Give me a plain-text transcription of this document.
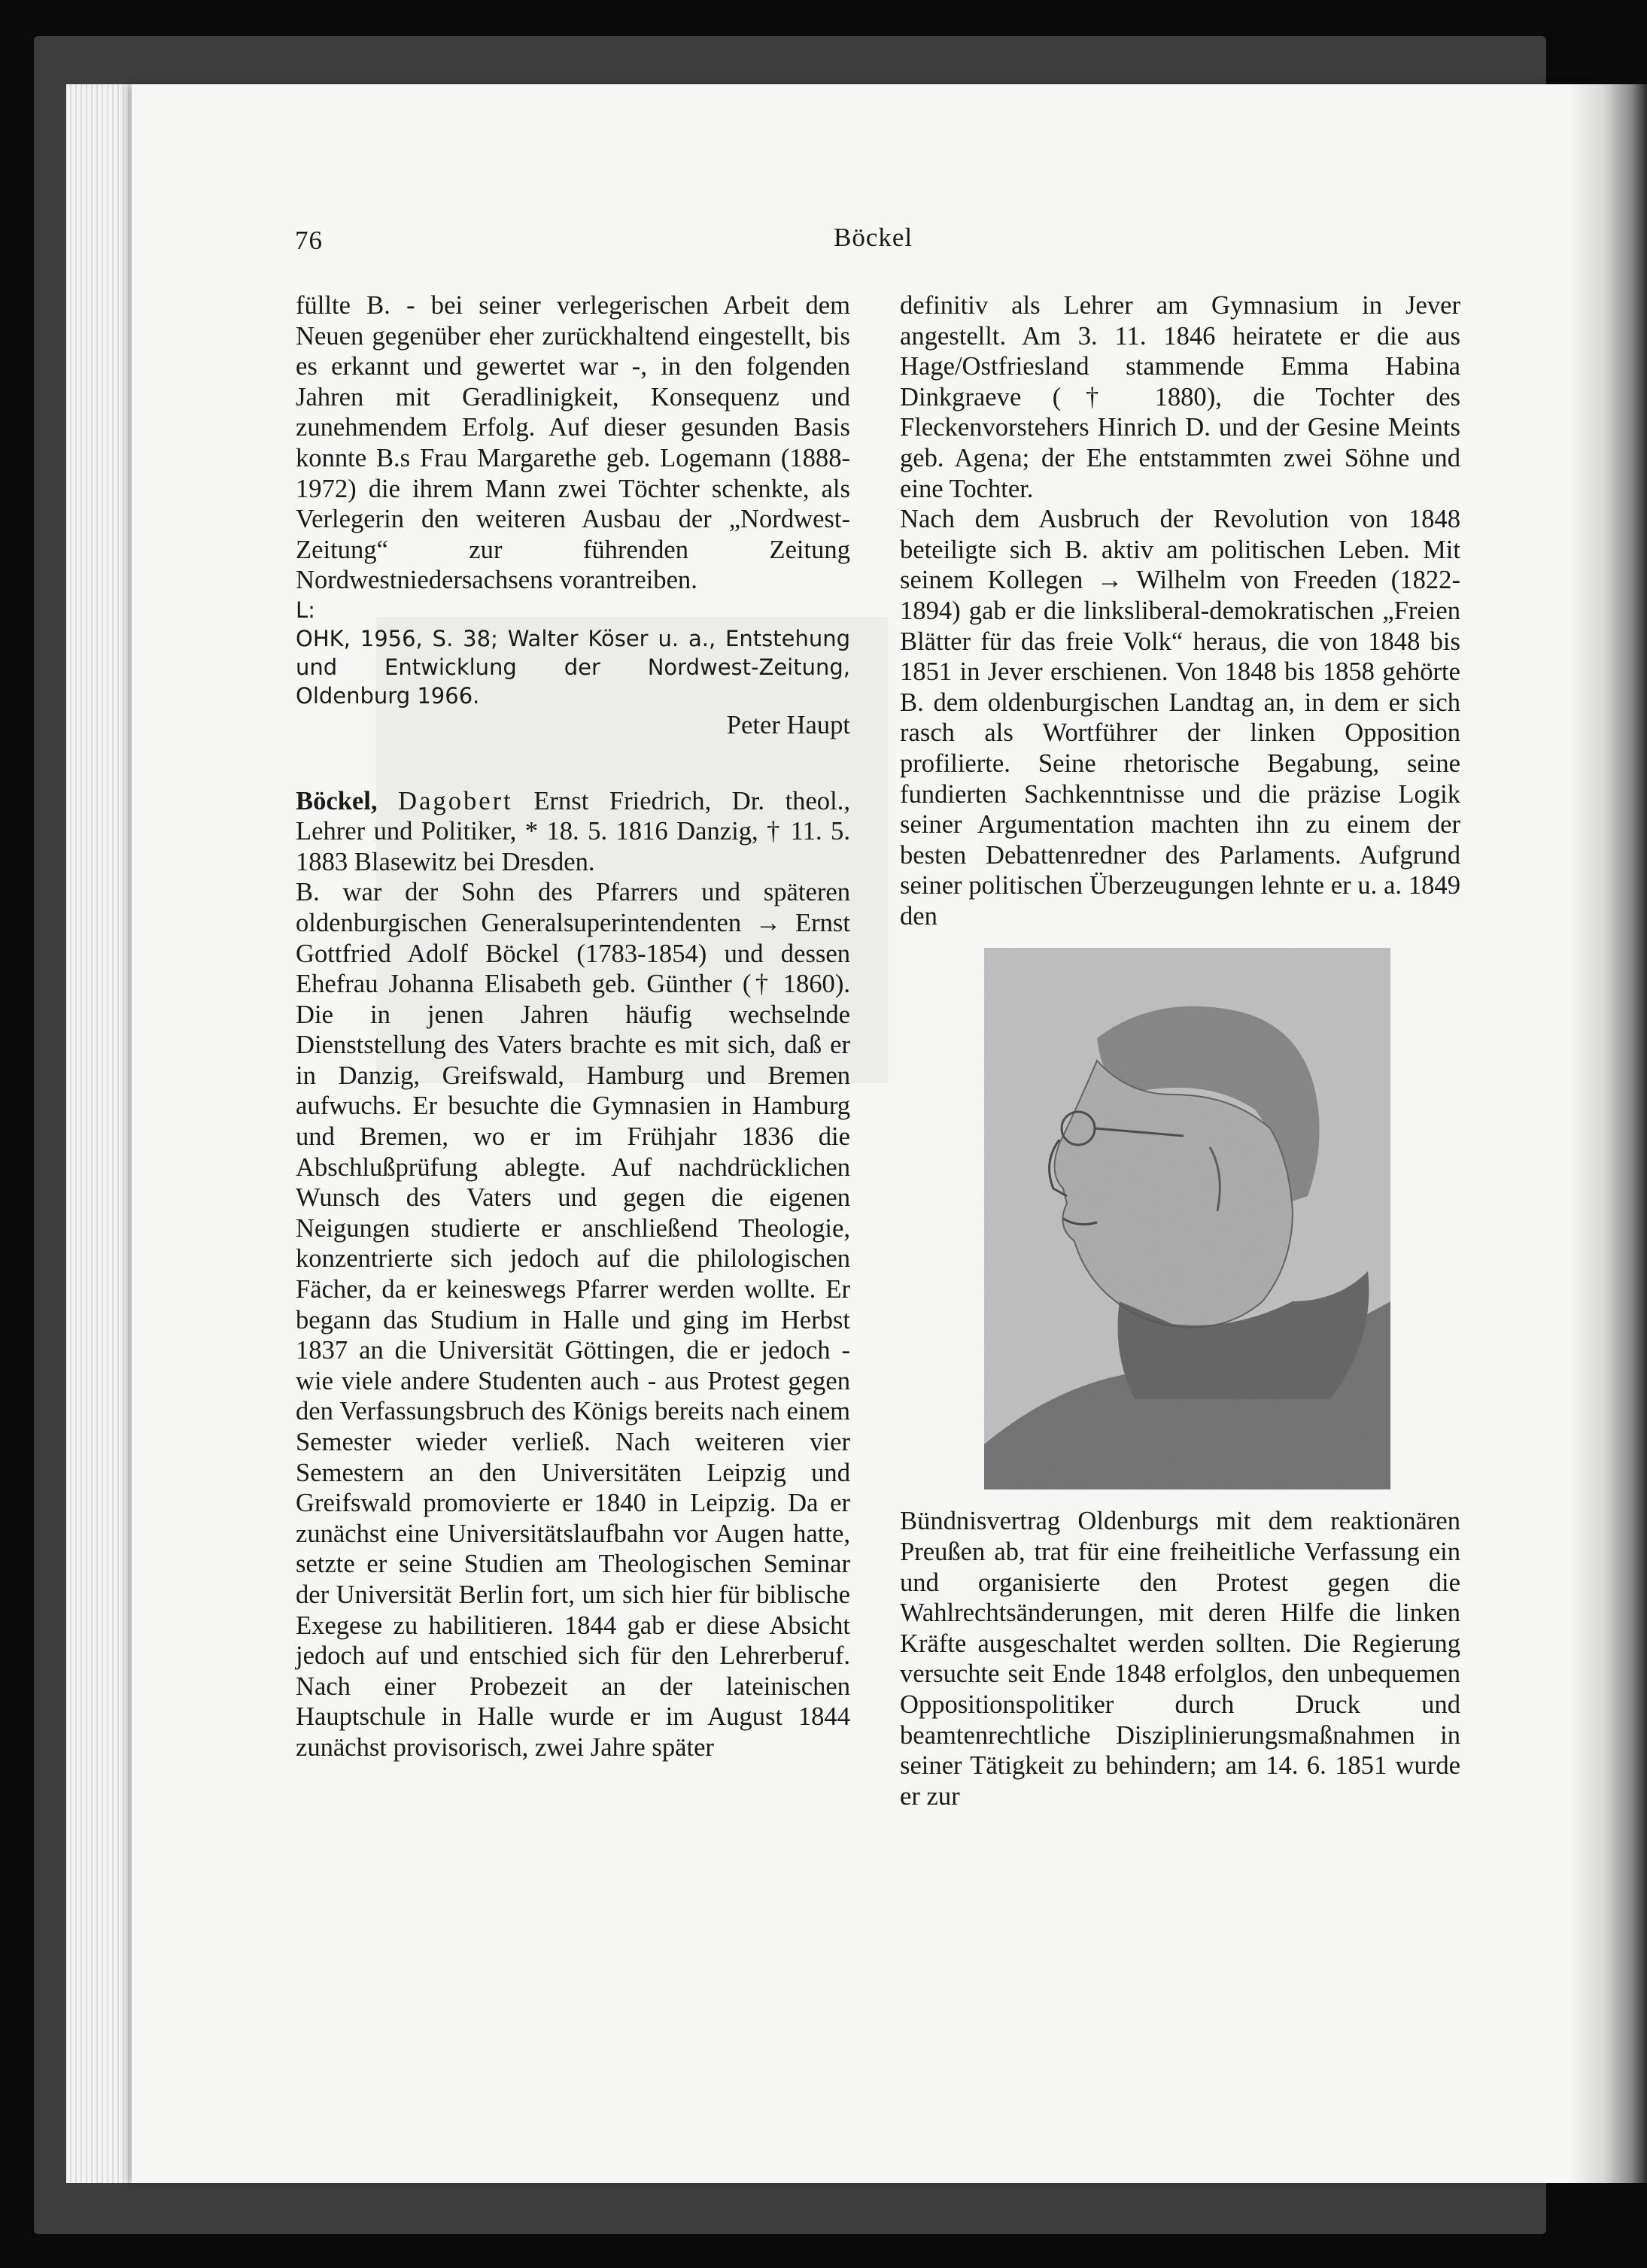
76	Böckel

füllte B. - bei seiner verlegerischen Arbeit dem Neuen gegenüber eher zurückhaltend eingestellt, bis es erkannt und gewertet war -, in den folgenden Jahren mit Geradlinigkeit, Konsequenz und zunehmendem Erfolg. Auf dieser gesunden Basis konnte B.s Frau Margarethe geb. Logemann (1888-1972) die ihrem Mann zwei Töchter schenkte, als Verlegerin den weiteren Ausbau der „Nordwest-Zeitung“ zur führenden Zeitung Nordwestniedersachsens vorantreiben.

L:

OHK, 1956, S. 38; Walter Köser u. a., Entstehung und Entwicklung der Nordwest-Zeitung, Oldenburg 1966.

Peter Haupt

Böckel, Dagobert Ernst Friedrich, Dr. theol., Lehrer und Politiker, * 18. 5. 1816 Danzig, † 11. 5. 1883 Blasewitz bei Dresden.

B. war der Sohn des Pfarrers und späteren oldenburgischen Generalsuperintendenten → Ernst Gottfried Adolf Böckel (1783-1854) und dessen Ehefrau Johanna Elisabeth geb. Günther († 1860). Die in jenen Jahren häufig wechselnde Dienststellung des Vaters brachte es mit sich, daß er in Danzig, Greifswald, Hamburg und Bremen aufwuchs. Er besuchte die Gymnasien in Hamburg und Bremen, wo er im Frühjahr 1836 die Abschlußprüfung ablegte. Auf nachdrücklichen Wunsch des Vaters und gegen die eigenen Neigungen studierte er anschließend Theologie, konzentrierte sich jedoch auf die philologischen Fächer, da er keineswegs Pfarrer werden wollte. Er begann das Studium in Halle und ging im Herbst 1837 an die Universität Göttingen, die er jedoch - wie viele andere Studenten auch - aus Protest gegen den Verfassungsbruch des Königs bereits nach einem Semester wieder verließ. Nach weiteren vier Semestern an den Universitäten Leipzig und Greifswald promovierte er 1840 in Leipzig. Da er zunächst eine Universitätslaufbahn vor Augen hatte, setzte er seine Studien am Theologischen Seminar der Universität Berlin fort, um sich hier für biblische Exegese zu habilitieren. 1844 gab er diese Absicht jedoch auf und entschied sich für den Lehrerberuf. Nach einer Probezeit an der lateinischen Hauptschule in Halle wurde er im August 1844 zunächst provisorisch, zwei Jahre später

definitiv als Lehrer am Gymnasium in Jever angestellt. Am 3. 11. 1846 heiratete er die aus Hage/Ostfriesland stammende Emma Habina Dinkgraeve († 1880), die Tochter des Fleckenvorstehers Hinrich D. und der Gesine Meints geb. Agena; der Ehe entstammten zwei Söhne und eine Tochter.

Nach dem Ausbruch der Revolution von 1848 beteiligte sich B. aktiv am politischen Leben. Mit seinem Kollegen → Wilhelm von Freeden (1822-1894) gab er die linksliberal-demokratischen „Freien Blätter für das freie Volk“ heraus, die von 1848 bis 1851 in Jever erschienen. Von 1848 bis 1858 gehörte B. dem oldenburgischen Landtag an, in dem er sich rasch als Wortführer der linken Opposition profilierte. Seine rhetorische Begabung, seine fundierten Sachkenntnisse und die präzise Logik seiner Argumentation machten ihn zu einem der besten Debattenredner des Parlaments. Aufgrund seiner politischen Überzeugungen lehnte er u. a. 1849 den

Bündnisvertrag Oldenburgs mit dem reaktionären Preußen ab, trat für eine freiheitliche Verfassung ein und organisierte den Protest gegen die Wahlrechtsänderungen, mit deren Hilfe die linken Kräfte ausgeschaltet werden sollten. Die Regierung versuchte seit Ende 1848 erfolglos, den unbequemen Oppositionspolitiker durch Druck und beamtenrechtliche Disziplinierungsmaßnahmen in seiner Tätigkeit zu behindern; am 14. 6. 1851 wurde er zur
